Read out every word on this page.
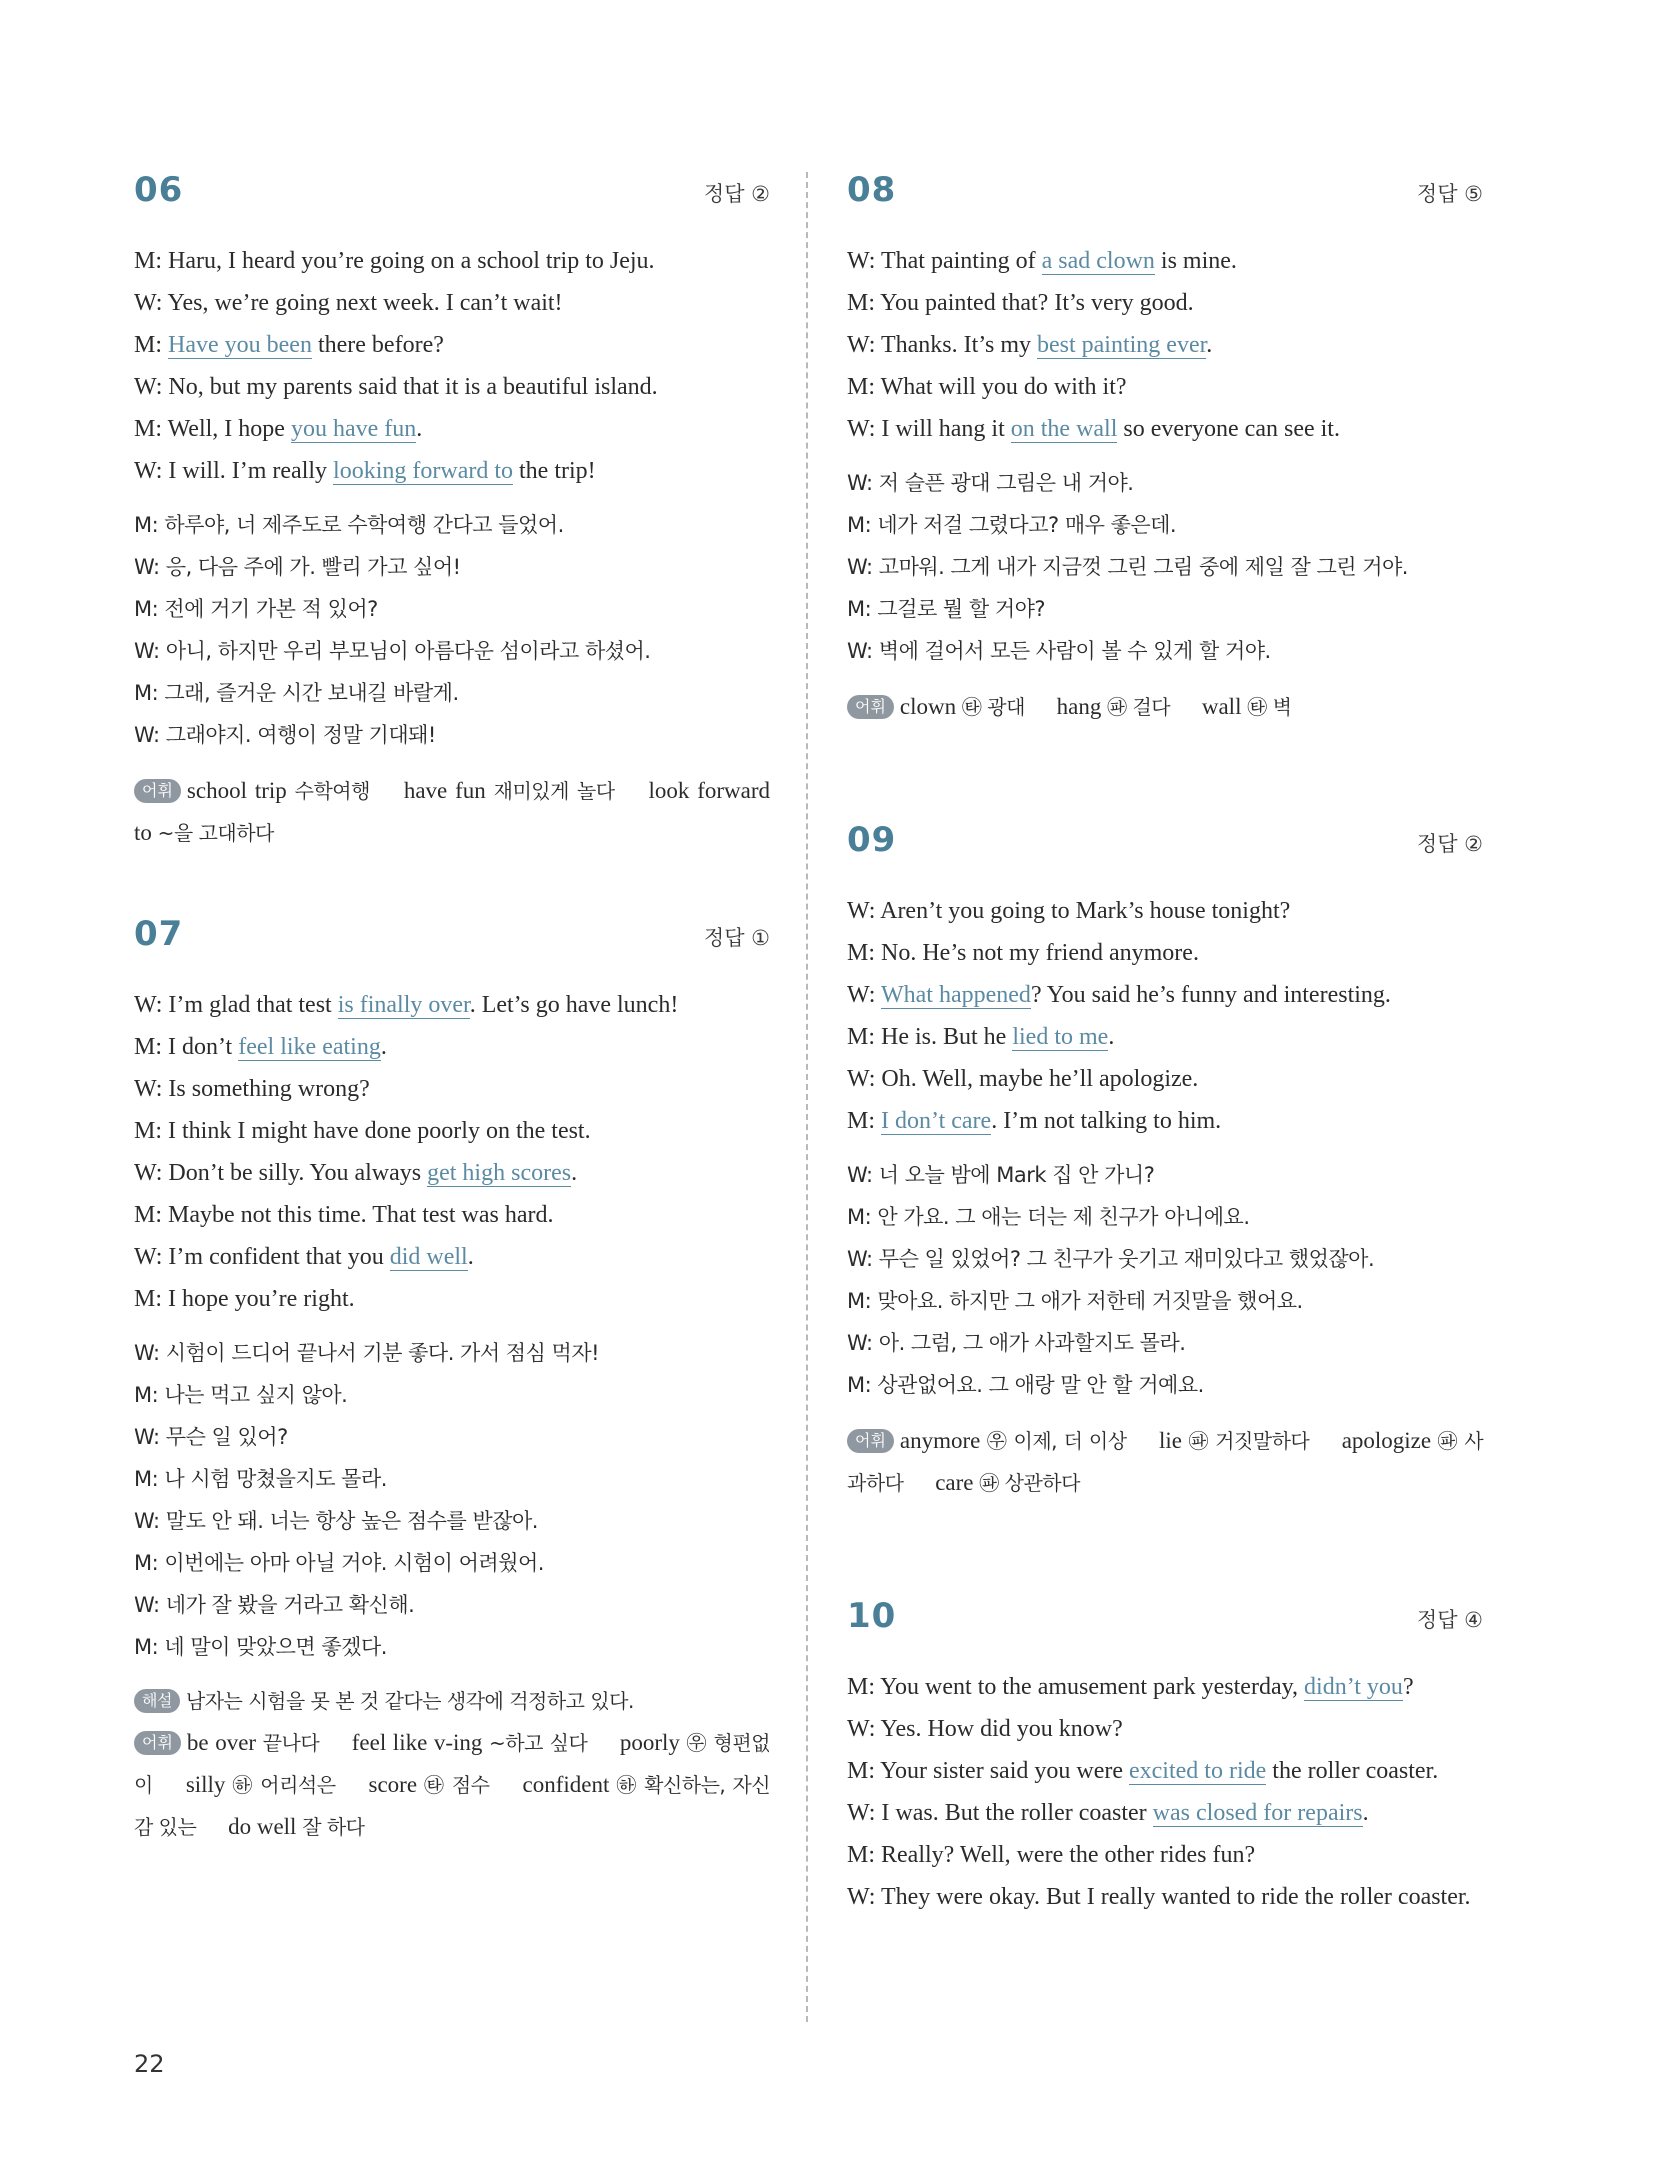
06	정답 ②
M: Haru, I heard you’re going on a school trip to Jeju.
W: Yes, we’re going next week. I can’t wait!
M: Have you been there before?
W: No, but my parents said that it is a beautiful island.
M: Well, I hope you have fun.
W: I will. I’m really looking forward to the trip!
M: 하루야, 너 제주도로 수학여행 간다고 들었어.
W: 응, 다음 주에 가. 빨리 가고 싶어!
M: 전에 거기 가본 적 있어?
W: 아니, 하지만 우리 부모님이 아름다운 섬이라고 하셨어.
M: 그래, 즐거운 시간 보내길 바랄게.
W: 그래야지. 여행이 정말 기대돼!
어휘 school trip 수학여행 have fun 재미있게 놀다 look forward to ~을 고대하다
07	정답 ①
W: I’m glad that test is finally over. Let’s go have lunch!
M: I don’t feel like eating.
W: Is something wrong?
M: I think I might have done poorly on the test.
W: Don’t be silly. You always get high scores.
M: Maybe not this time. That test was hard.
W: I’m confident that you did well.
M: I hope you’re right.
W: 시험이 드디어 끝나서 기분 좋다. 가서 점심 먹자!
M: 나는 먹고 싶지 않아.
W: 무슨 일 있어?
M: 나 시험 망쳤을지도 몰라.
W: 말도 안 돼. 너는 항상 높은 점수를 받잖아.
M: 이번에는 아마 아닐 거야. 시험이 어려웠어.
W: 네가 잘 봤을 거라고 확신해.
M: 네 말이 맞았으면 좋겠다.
해설 남자는 시험을 못 본 것 같다는 생각에 걱정하고 있다.
어휘 be over 끝나다 feel like v-ing ~하고 싶다 poorly ㉾ 형편없이 silly ㉻ 어리석은 score ㉹ 점수 confident ㉻ 확신하는, 자신감 있는 do well 잘 하다
08	정답 ⑤
W: That painting of a sad clown is mine.
M: You painted that? It’s very good.
W: Thanks. It’s my best painting ever.
M: What will you do with it?
W: I will hang it on the wall so everyone can see it.
W: 저 슬픈 광대 그림은 내 거야.
M: 네가 저걸 그렸다고? 매우 좋은데.
W: 고마워. 그게 내가 지금껏 그린 그림 중에 제일 잘 그린 거야.
M: 그걸로 뭘 할 거야?
W: 벽에 걸어서 모든 사람이 볼 수 있게 할 거야.
어휘 clown ㉹ 광대 hang ㉺ 걸다 wall ㉹ 벽
09	정답 ②
W: Aren’t you going to Mark’s house tonight?
M: No. He’s not my friend anymore.
W: What happened? You said he’s funny and interesting.
M: He is. But he lied to me.
W: Oh. Well, maybe he’ll apologize.
M: I don’t care. I’m not talking to him.
W: 너 오늘 밤에 Mark 집 안 가니?
M: 안 가요. 그 애는 더는 제 친구가 아니에요.
W: 무슨 일 있었어? 그 친구가 웃기고 재미있다고 했었잖아.
M: 맞아요. 하지만 그 애가 저한테 거짓말을 했어요.
W: 아. 그럼, 그 애가 사과할지도 몰라.
M: 상관없어요. 그 애랑 말 안 할 거예요.
어휘 anymore ㉾ 이제, 더 이상 lie ㉺ 거짓말하다 apologize ㉺ 사과하다 care ㉺ 상관하다
10	정답 ④
M: You went to the amusement park yesterday, didn’t you?
W: Yes. How did you know?
M: Your sister said you were excited to ride the roller coaster.
W: I was. But the roller coaster was closed for repairs.
M: Really? Well, were the other rides fun?
W: They were okay. But I really wanted to ride the roller coaster.
22
